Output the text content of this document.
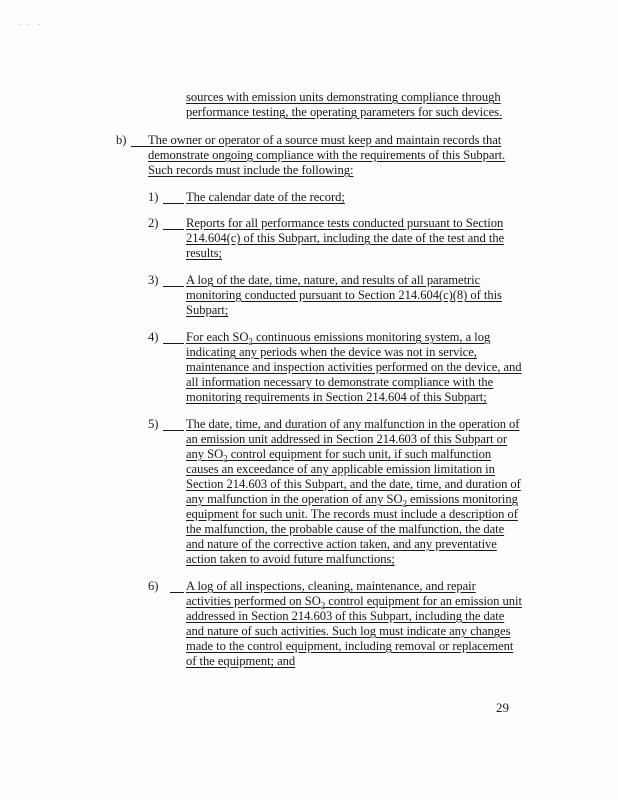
. . .
sources with emission units demonstrating compliance through
performance testing, the operating parameters for such devices.
b) The owner or operator of a source must keep and maintain records that
demonstrate ongoing compliance with the requirements of this Subpart.
Such records must include the following:
1) The calendar date of the record;
2) Reports for all performance tests conducted pursuant to Section
214.604(c) of this Subpart, including the date of the test and the
results;
3) A log of the date, time, nature, and results of all parametric
monitoring conducted pursuant to Section 214.604(c)(8) of this
Subpart;
4) For each $SO_2$ continuous emissions monitoring system, a log
indicating any periods when the device was not in service,
maintenance and inspection activities performed on the device, and
all information necessary to demonstrate compliance with the
monitoring requirements in Section 214.604 of this Subpart;
5) The date, time, and duration of any malfunction in the operation of
an emission unit addressed in Section 214.603 of this Subpart or
any $SO_2$ control equipment for such unit, if such malfunction
causes an exceedance of any applicable emission limitation in
Section 214.603 of this Subpart, and the date, time, and duration of
any malfunction in the operation of any $SO_2$ emissions monitoring
equipment for such unit. The records must include a description of
the malfunction, the probable cause of the malfunction, the date
and nature of the corrective action taken, and any preventative
action taken to avoid future malfunctions;
6) A log of all inspections, cleaning, maintenance, and repair
activities performed on $SO_2$ control equipment for an emission unit
addressed in Section 214.603 of this Subpart, including the date
and nature of such activities. Such log must indicate any changes
made to the control equipment, including removal or replacement
of the equipment; and
29
